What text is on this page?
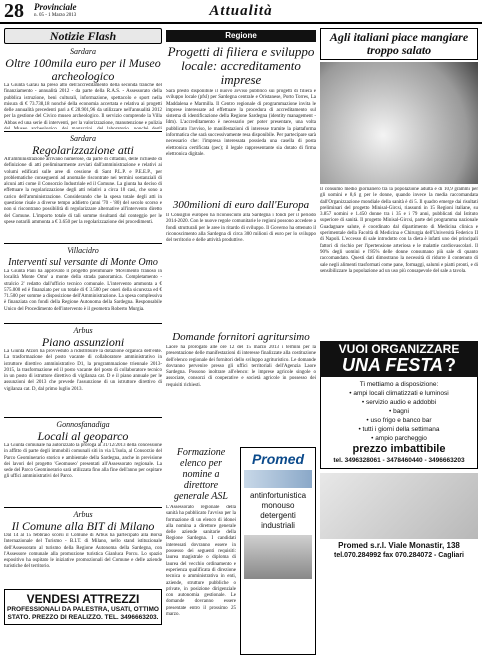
28 Provinciale
n. 05 - 1 Marzo 2013	Attualità
Notizie Flash
Sardara
Oltre 100mila euro per il Museo archeologico
La Giunta Garau ha preso atto dell'accreditamento della seconda tranche del finanziamento - annualità 2012 - da parte della R.A.S. - Assessorato della pubblica istruzione, beni culturali, informazione, spettacolo e sport nella misura di € 73.738,18 nonché della economia accertata e relativa ai progetti delle annualità precedenti pari a € 28.901,96 da utilizzare nell'annualità 2012 per la gestione del Civico museo archeologico. Il servizio comprende la Villa Abbas ed una serie di interventi, per la valorizzazione, manutenzione e pulizia
Sardara
Regolarizzazione atti
All'amministrazione arrivano numerose, da parte di cittadini, delle richieste di definizione di atti preliminarmente avviati dall'amministrazione e relativi ai volumi edificati sulle aree di cessione di Sant P.L.P. e P.E.E.P., per problematiche conseguenti ad anomalie riscontrate nei termini sostanziali di alcuni atti come il Consorzio Industriale ed il Comune. La giunta ha deciso di effettuare la regolarizzazione degli atti relativi a circa 10 casi, che sono a carico dell'amministrazione. Considerando che la spesa totale degli atti in questione risale a diverse tempo addietro (anni '70 - '80) del secolo scorso e non si riscontrano possibilità di regolarizzare alternative all'intervento diretto del Comune. L'importo totale di tali somme risultanti dal conteggio per le spese notarili ammonta a € 3.650 per la regolarizzazione dei procedimenti.
Villacidro
Interventi sul versante di Monte Omo
La Giunta Pani ha approvato il progetto preliminare 'Movimento franoso in località Monte Omo' a monte della strada panoramica. Completamento - stralcio 2' redatto dall'ufficio tecnico comunale. L'intervento ammonta a € 575.000 ed è finanziato per un totale di € 3.500 per oneri della sicurezza ed € 71.500 per somme a disposizione dell'Amministrazione. La spesa complessiva è finanziata con fondi della Regione Autonoma della Sardegna. Responsabile Unico del Procedimento dell'intervento è il geometra Roberto Murgia.
Arbus
Piano assunzioni
La Giunta Atzori ha provveduto a ridistribuire la dotazione organica dell'ente. La trasformazione del posto vacante di collaboratore amministrativo in istruttore direttivo amministrativo D1, la programmazione triennale 2013-2015, la trasformazione ed il posto vacante del posto di collaboratore tecnico in un posto di istruttore direttivo di vigilanza cat. D e il piano annuale per le assunzioni del 2013 che prevede l'assunzione di un istruttore direttivo di vigilanza cat. D, dal primo luglio 2013.
Gonnosfanadiga
Locali al geoparco
La Giunta comunale ha autorizzato la proroga al 31/12/2013 della concessione in affitto di parte degli immobili comunali siti in via L'Isola, al Consorzio del Parco Geominerario storico e ambientale della Sardegna, anche in previsione dei lavori del progetto 'Geomuseo' presentati all'Assessorato regionale. La sede del Parco Geominerario sarà utilizzata fino alla fine dell'anno per ospitare gli uffici amministrativi del Parco.
Arbus
Il Comune alla BIT di Milano
Dal 14 al 15 febbraio scorsi il Comune di Arbus ha partecipato alla Borsa Internazionale del Turismo - B.I.T. di Milano, nello stand istituzionale dell'Assessorato al turismo della Regione Autonoma della Sardegna, con l'Assessore comunale alla promozione turistica Gianluca Porcu. Lo spazio espositivo ha ospitato le iniziative promozionali del Comune e delle aziende turistiche del territorio.
VENDESI ATTREZZI
PROFESSIONALI DA PALESTRA, USATI, OTTIMO STATO. PREZZO DI REALIZZO. TEL. 3496663203.
Regione
Progetti di filiera e sviluppo locale: accreditamento imprese
Sarà presto disponibile il nuovo avviso pubblico sui progetti di filiera e sviluppo locale (pfsl) per Sardegna centrale e Oristanese, Porto Torres, La Maddalena e Marmilla. Il Centro regionale di programmazione invita le imprese interessate ad effettuare la procedura di accreditamento sul sistema di identificazione della Regione Sardegna (identity management - Idm). L'accreditamento è necessario per poter presentare, una volta pubblicato l'avviso, le manifestazioni di interesse tramite la piattaforma informatica che sarà successivamente resa disponibile. Per partecipare sarà necessario che: l'impresa interessata possieda una casella di posta elettronica certificata (pec); il legale rappresentante sia dotato di firma elettronica digitale.
300milioni di euro dall'Europa
Il Consiglio europeo ha riconosciuto alla Sardegna i fondi per il periodo 2014-2020. Con le nuove regole comunitarie le regioni possono accedere a fondi strutturali per le aree in ritardo di sviluppo. Il Governo ha ottenuto il riconoscimento alla Sardegna di circa 300 milioni di euro per lo sviluppo del territorio e delle attività produttive.
Domande fornitori agritursimo
Laore ha prorogato alle ore 12 del 15 marzo 2013 i termini per la presentazione delle manifestazioni di interesse finalizzate alla costituzione dell'elenco regionale dei fornitori dello sviluppo agrituristico. Le domande dovranno pervenire presso gli uffici territoriali dell'Agenzia Laore Sardegna. Possono inoltrare all'elenco: le imprese agricole singole o associate, consorzi di cooperative e società agricole in possesso dei requisiti richiesti.
Formazione elenco per nomine a direttore generale ASL
L'Assessorato regionale della sanità ha pubblicato l'avviso per la formazione di un elenco di idonei alla nomina a direttore generale delle aziende sanitarie della Regione Sardegna. I candidati interessati dovranno essere in possesso dei seguenti requisiti: laurea magistrale o diploma di laurea del vecchio ordinamento e esperienza qualificata di direzione tecnica o amministrativa in enti, aziende, strutture pubbliche o private, in posizione dirigenziale con autonomia gestionale. Le domande dovranno essere presentate entro il prossimo 25 marzo.
Promed
antinfortunistica
monouso
detergenti
industriali
Agli italiani piace mangiare troppo salato
Il consumo medio giornaliero tra la popolazione adulta è di 10,9 grammi per gli uomini e 8,6 g per le donne, quando invece la media raccomandata dall'Organizzazione mondiale della sanità è di 5. Il quadro emerge dai risultati preliminari del progetto Minisal-Gircsi, riassunti in 15 Regioni italiane, su 3.857 uomini e 1.450 donne tra i 35 e i 79 anni, pubblicati dal Istituto superiore di sanità. Il progetto Minisal-Gircsi, parte del programma nazionale Guadagnare salute, è coordinato dal dipartimento di Medicina clinica e sperimentale della Facoltà di Medicina e Chirurgia dell'Università Federico II di Napoli. L'eccesso di sale introdotto con la dieta è infatti uno dei principali fattori di rischio per l'ipertensione arteriosa e le malattie cardiovascolari. Il 90% degli uomini e l'85% delle donne consumano più sale di quanto raccomandato. Questi dati dimostrano la necessità di ridurre il contenuto di sale negli alimenti trasformati come pane, formaggi, salumi e piatti pronti, e di sensibilizzare la popolazione ad un uso più consapevole del sale a tavola.
VUOI ORGANIZZARE
UNA FESTA ?
Ti mettiamo a disposizione:
• ampi locali climatizzati e luminosi
• servizio audio e addobbi
• bagni
• uso frigo e banco bar
• tutti i giorni della settimana
• ampio parcheggio
prezzo imbattibile
tel. 3496328061 - 3478460440 - 3496663203
Promed s.r.l. Viale Monastir, 138
tel.070.284992 fax 070.284072 - Cagliari
